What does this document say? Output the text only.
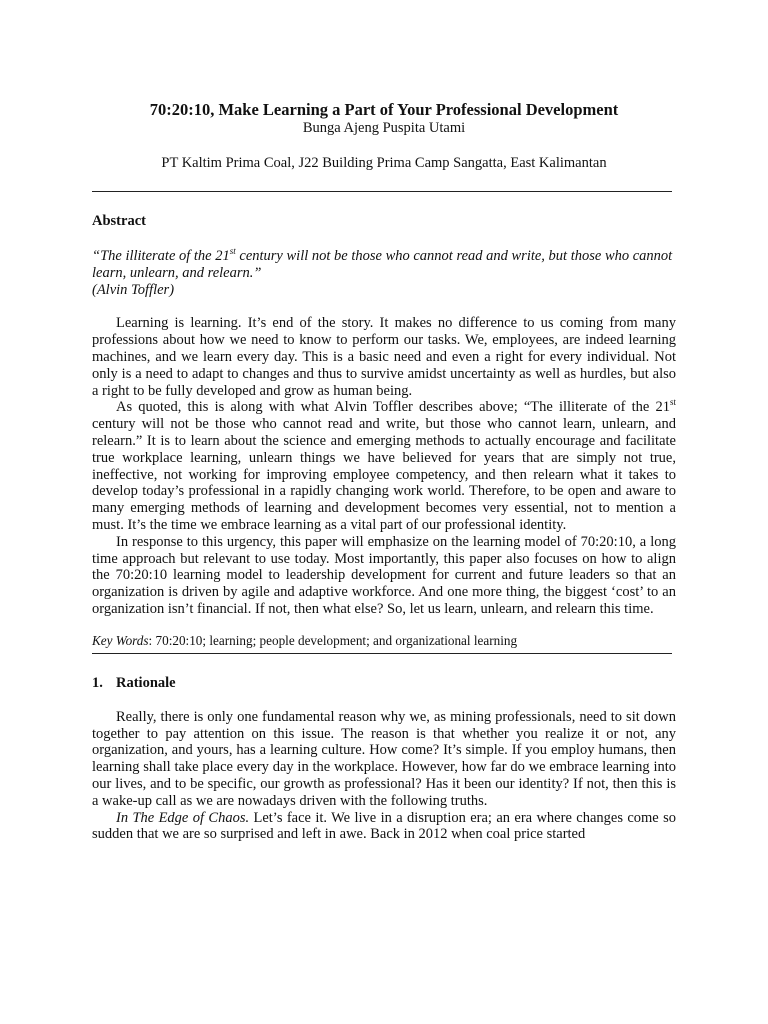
70:20:10, Make Learning a Part of Your Professional Development

Bunga Ajeng Puspita Utami

PT Kaltim Prima Coal, J22 Building Prima Camp Sangatta, East Kalimantan

Abstract

“The illiterate of the 21st century will not be those who cannot read and write, but those who cannot learn, unlearn, and relearn.”
(Alvin Toffler)

Learning is learning. It’s end of the story. It makes no difference to us coming from many professions about how we need to know to perform our tasks. We, employees, are indeed learning machines, and we learn every day. This is a basic need and even a right for every individual. Not only is a need to adapt to changes and thus to survive amidst uncertainty as well as hurdles, but also a right to be fully developed and grow as human being.

As quoted, this is along with what Alvin Toffler describes above; “The illiterate of the 21st century will not be those who cannot read and write, but those who cannot learn, unlearn, and relearn.” It is to learn about the science and emerging methods to actually encourage and facilitate true workplace learning, unlearn things we have believed for years that are simply not true, ineffective, not working for improving employee competency, and then relearn what it takes to develop today’s professional in a rapidly changing work world. Therefore, to be open and aware to many emerging methods of learning and development becomes very essential, not to mention a must. It’s the time we embrace learning as a vital part of our professional identity.

In response to this urgency, this paper will emphasize on the learning model of 70:20:10, a long time approach but relevant to use today. Most importantly, this paper also focuses on how to align the 70:20:10 learning model to leadership development for current and future leaders so that an organization is driven by agile and adaptive workforce. And one more thing, the biggest ‘cost’ to an organization isn’t financial. If not, then what else? So, let us learn, unlearn, and relearn this time.

Key Words: 70:20:10; learning; people development; and organizational learning

1. Rationale

Really, there is only one fundamental reason why we, as mining professionals, need to sit down together to pay attention on this issue. The reason is that whether you realize it or not, any organization, and yours, has a learning culture. How come? It’s simple. If you employ humans, then learning shall take place every day in the workplace. However, how far do we embrace learning into our lives, and to be specific, our growth as professional? Has it been our identity? If not, then this is a wake-up call as we are nowadays driven with the following truths.

In The Edge of Chaos. Let’s face it. We live in a disruption era; an era where changes come so sudden that we are so surprised and left in awe. Back in 2012 when coal price started
